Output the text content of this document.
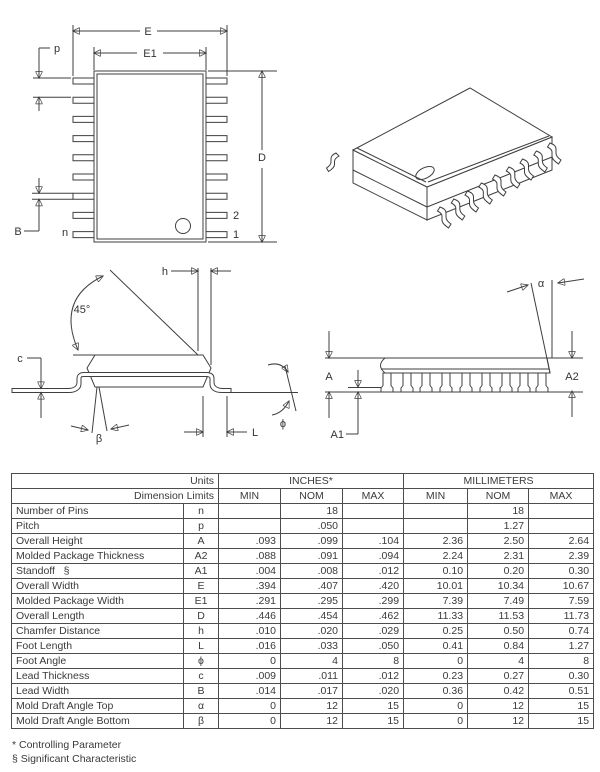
E
E1
p
B	n
D
2
1
45°
h
c
β	L
ϕ
A
A1
A2
α
Units		INCHES*			MILLIMETERS		
Dimension Limits		MIN	NOM	MAX	MIN	NOM	MAX
Number of Pins	n		18			18	
Pitch	p		.050			1.27	
Overall Height	A	.093	.099	.104	2.36	2.50	2.64
Molded Package Thickness	A2	.088	.091	.094	2.24	2.31	2.39
Standoff   §	A1	.004	.008	.012	0.10	0.20	0.30
Overall Width	E	.394	.407	.420	10.01	10.34	10.67
Molded Package Width	E1	.291	.295	.299	7.39	7.49	7.59
Overall Length	D	.446	.454	.462	11.33	11.53	11.73
Chamfer Distance	h	.010	.020	.029	0.25	0.50	0.74
Foot Length	L	.016	.033	.050	0.41	0.84	1.27
Foot Angle	ϕ	0	4	8	0	4	8
Lead Thickness	c	.009	.011	.012	0.23	0.27	0.30
Lead Width	B	.014	.017	.020	0.36	0.42	0.51
Mold Draft Angle Top	α	0	12	15	0	12	15
Mold Draft Angle Bottom	β	0	12	15	0	12	15
* Controlling Parameter
§ Significant Characteristic
